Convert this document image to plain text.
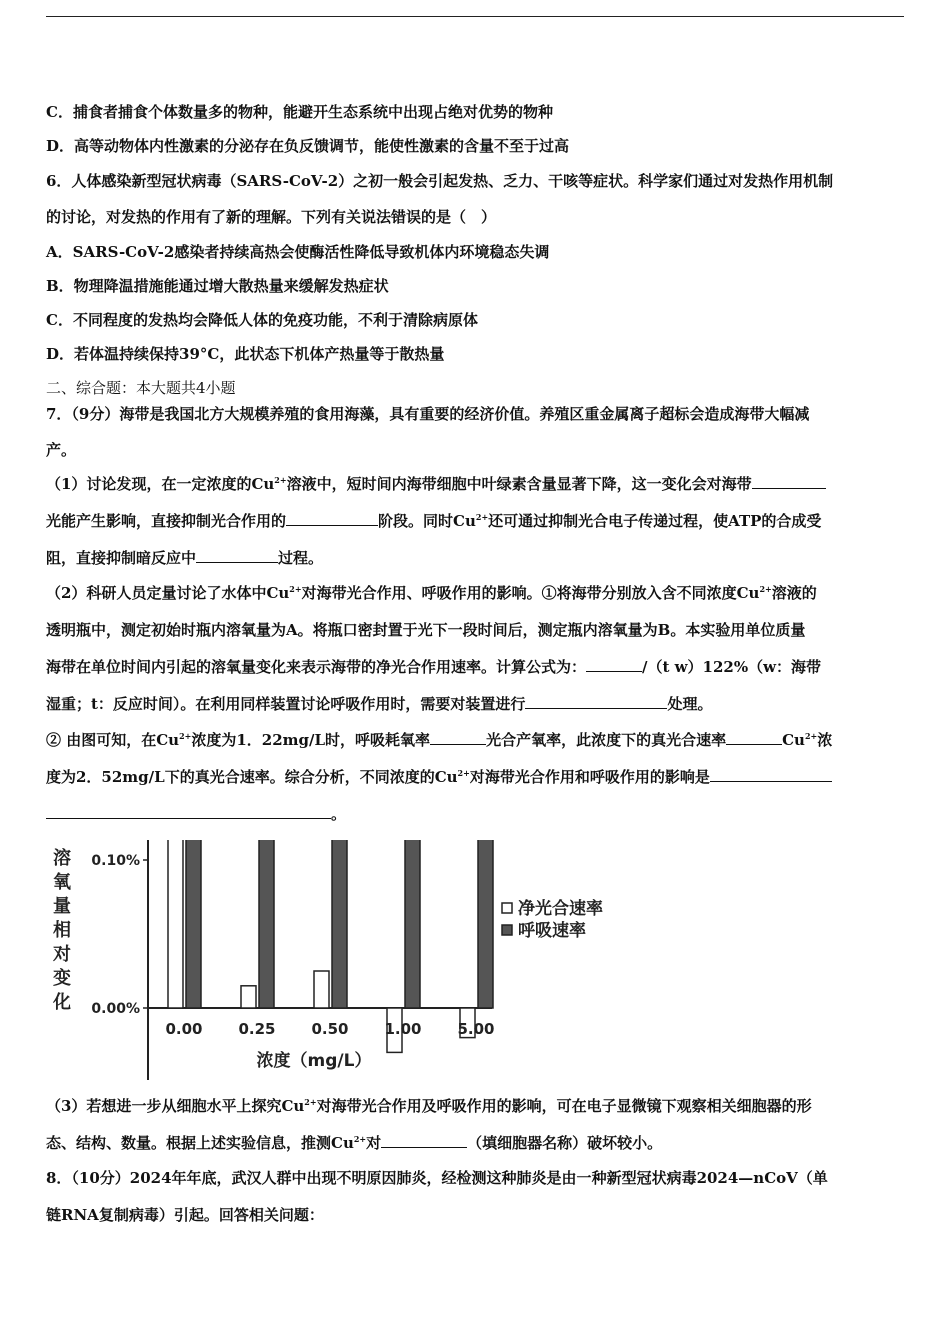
C．捕食者捕食个体数量多的物种，能避开生态系统中出现占绝对优势的物种
D．高等动物体内性激素的分泌存在负反馈调节，能使性激素的含量不至于过高
6．人体感染新型冠状病毒（SARS-CoV-2）之初一般会引起发热、乏力、干咳等症状。科学家们通过对发热作用机制
的讨论，对发热的作用有了新的理解。下列有关说法错误的是（　）
A．SARS-CoV-2感染者持续高热会使酶活性降低导致机体内环境稳态失调
B．物理降温措施能通过增大散热量来缓解发热症状
C．不同程度的发热均会降低人体的免疫功能，不利于清除病原体
D．若体温持续保持39°C，此状态下机体产热量等于散热量
二、综合题：本大题共4小题
7．（9分）海带是我国北方大规模养殖的食用海藻，具有重要的经济价值。养殖区重金属离子超标会造成海带大幅减
产。
（1）讨论发现，在一定浓度的$Cu^{2+}$溶液中，短时间内海带细胞中叶绿素含量显著下降，这一变化会对海带
光能产生影响，直接抑制光合作用的	阶段。同时$Cu^{2+}$还可通过抑制光合电子传递过程，使ATP的合成受
阻，直接抑制暗反应中	过程。
（2）科研人员定量讨论了水体中$Cu^{2+}$对海带光合作用、呼吸作用的影响。①将海带分别放入含不同浓度$Cu^{2+}$溶液的
透明瓶中，测定初始时瓶内溶氧量为A。将瓶口密封置于光下一段时间后，测定瓶内溶氧量为B。本实验用单位质量
海带在单位时间内引起的溶氧量变化来表示海带的净光合作用速率。计算公式为：	/（t w）122%（w：海带
湿重；t：反应时间）。在利用同样装置讨论呼吸作用时，需要对装置进行	处理。
② 由图可知，在$Cu^{2+}$浓度为1．22mg/L时，呼吸耗氧率	光合产氧率，此浓度下的真光合速率	$Cu^{2+}$浓
度为2．52mg/L下的真光合速率。综合分析，不同浓度的$Cu^{2+}$对海带光合作用和呼吸作用的影响是
。
溶
氧
量
相
对
变
化 0.00%
0.10%
0.00 0.25 0.50 1.00 5.00
净光合速率
呼吸速率
浓度（mg/L）
（3）若想进一步从细胞水平上探究$Cu^{2+}$对海带光合作用及呼吸作用的影响，可在电子显微镜下观察相关细胞器的形
态、结构、数量。根据上述实验信息，推测$Cu^{2+}$对	（填细胞器名称）破坏较小。
8．（10分）2024年年底，武汉人群中出现不明原因肺炎，经检测这种肺炎是由一种新型冠状病毒2024—nCoV（单
链RNA复制病毒）引起。回答相关问题：
